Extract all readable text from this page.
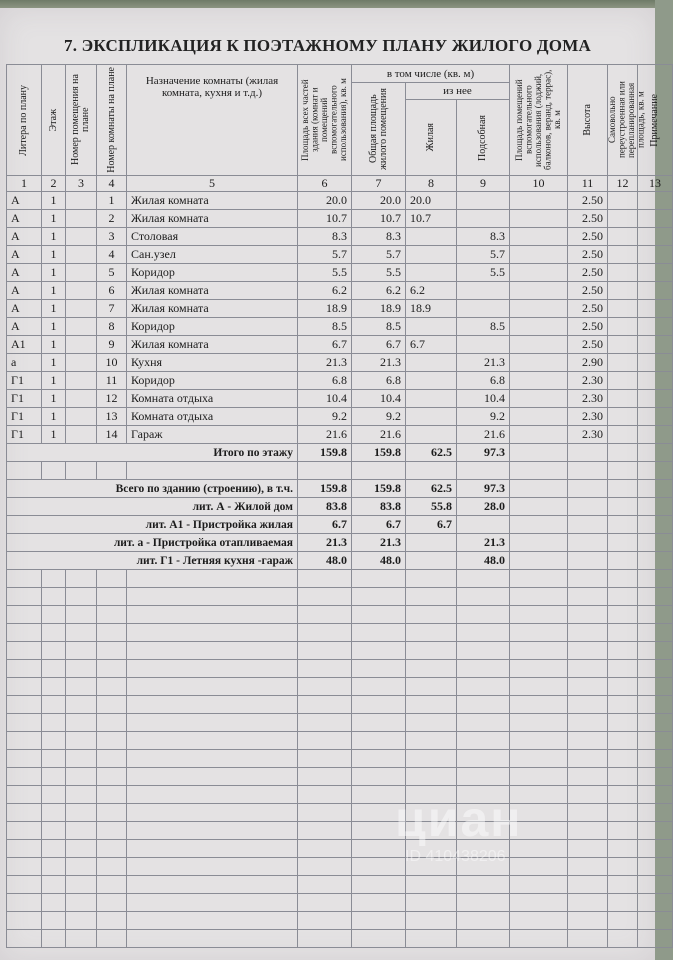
7. ЭКСПЛИКАЦИЯ К ПОЭТАЖНОМУ ПЛАНУ ЖИЛОГО ДОМА
Литера по плану	Этаж	Номер помещения на плане	Номер комнаты на плане	Назначение комнаты (жилая комната, кухня и т.д.)	Площадь всех частей здания (комнат и помещений вспомогательного использования), кв. м	в том числе (кв. м)			Площадь помещений вспомогательного использования (лоджий, балконов, веранд, террас), кв. м	Высота	Самовольно переустроенная или перепланированная площадь, кв. м	Примечание

						Общая площадь жилого помещения	из нее					

							Жилая	Подсобная				

1	2	3	4	5	6	7	8	9	10	11	12	13
А	1		1	Жилая комната	20.0	20.0	20.0			2.50		
А	1		2	Жилая комната	10.7	10.7	10.7			2.50		
А	1		3	Столовая	8.3	8.3		8.3		2.50		
А	1		4	Сан.узел	5.7	5.7		5.7		2.50		
А	1		5	Коридор	5.5	5.5		5.5		2.50		
А	1		6	Жилая комната	6.2	6.2	6.2			2.50		
А	1		7	Жилая комната	18.9	18.9	18.9			2.50		
А	1		8	Коридор	8.5	8.5		8.5		2.50		
А1	1		9	Жилая комната	6.7	6.7	6.7			2.50		
а	1		10	Кухня	21.3	21.3		21.3		2.90		
Г1	1		11	Коридор	6.8	6.8		6.8		2.30		
Г1	1		12	Комната отдыха	10.4	10.4		10.4		2.30		
Г1	1		13	Комната отдыха	9.2	9.2		9.2		2.30		
Г1	1		14	Гараж	21.6	21.6		21.6		2.30		
Итого по этажу					159.8	159.8	62.5	97.3				

Всего по зданию (строению), в т.ч.					159.8	159.8	62.5	97.3				
лит. А - Жилой дом					83.8	83.8	55.8	28.0				
лит. А1 - Пристройка жилая					6.7	6.7	6.7					
лит. а - Пристройка отапливаемая					21.3	21.3		21.3				
лит. Г1 - Летняя кухня -гараж					48.0	48.0		48.0				

циан
ID 410438206
